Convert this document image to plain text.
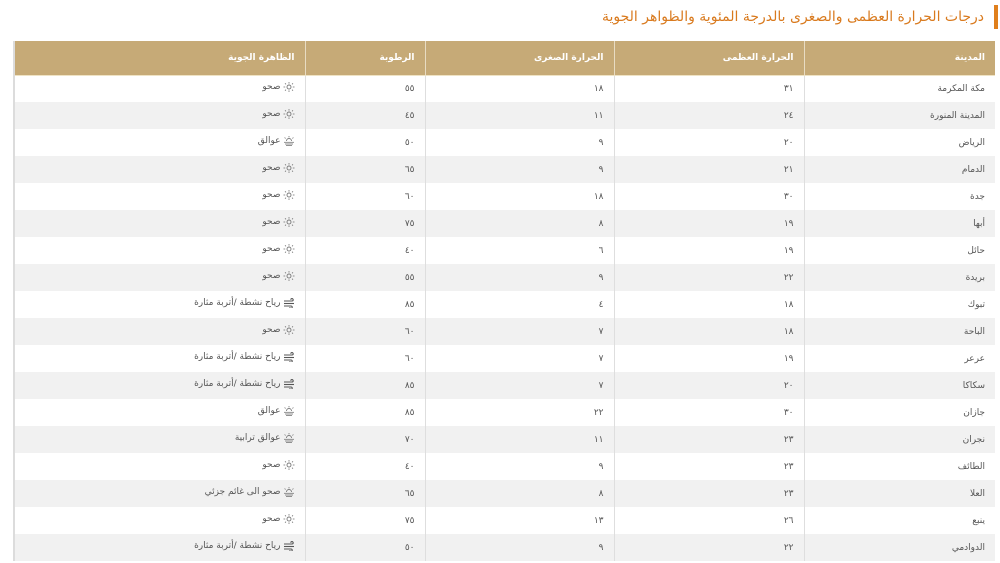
درجات الحرارة العظمى والصغرى بالدرجة المئوية والظواهر الجوية
المدينة	الحرارة العظمى	الحرارة الصغرى	الرطوبة	الظاهرة الجوية
مكة المكرمة	٣١	١٨	٥٥	صحو

المدينة المنورة	٢٤	١١	٤٥	صحو

الرياض	٢٠	٩	٥٠	عوالق

الدمام	٢١	٩	٦٥	صحو

جدة	٣٠	١٨	٦٠	صحو

أبها	١٩	٨	٧٥	صحو

حائل	١٩	٦	٤٠	صحو

بريدة	٢٢	٩	٥٥	صحو

تبوك	١٨	٤	٨٥	رياح نشطة /أتربة مثارة

الباحة	١٨	٧	٦٠	صحو

عرعر	١٩	٧	٦٠	رياح نشطة /أتربة مثارة

سكاكا	٢٠	٧	٨٥	رياح نشطة /أتربة مثارة

جازان	٣٠	٢٢	٨٥	عوالق

نجران	٢٣	١١	٧٠	عوالق ترابية

الطائف	٢٣	٩	٤٠	صحو

العلا	٢٣	٨	٦٥	صحو الى غائم جزئي

ينبع	٢٦	١٣	٧٥	صحو

الدوادمي	٢٢	٩	٥٠	رياح نشطة /أتربة مثارة
